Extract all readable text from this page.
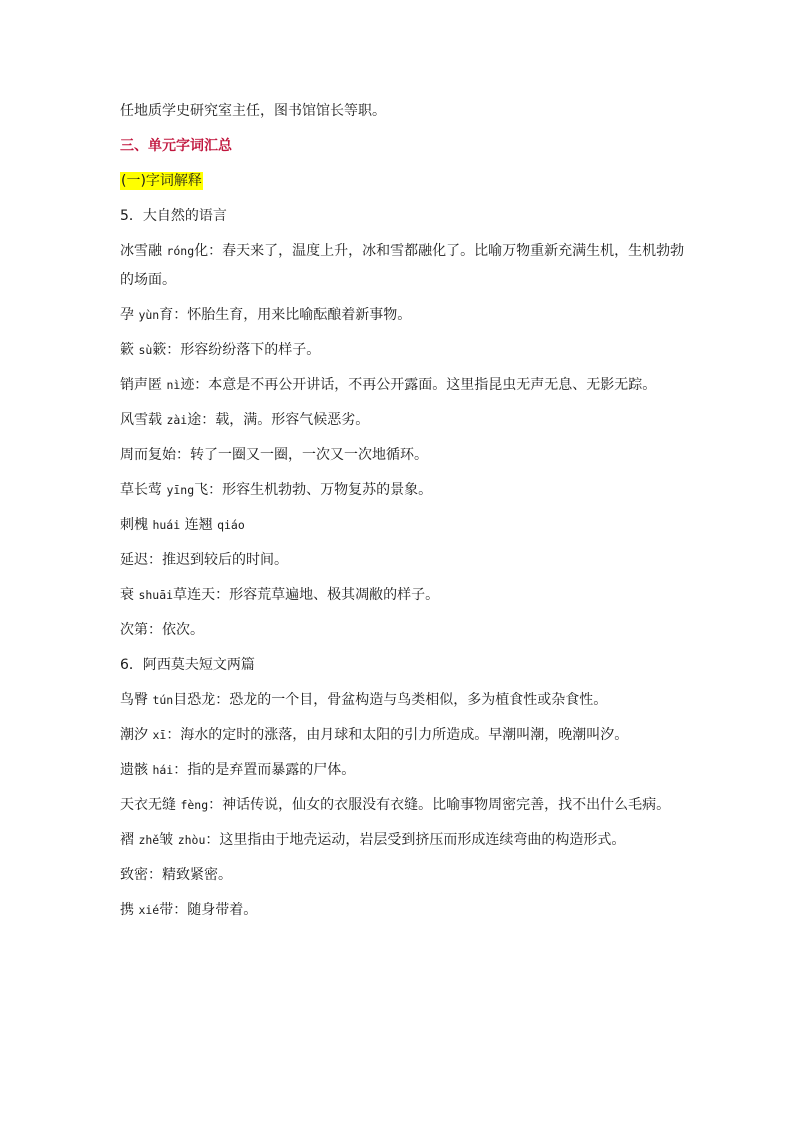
任地质学史研究室主任，图书馆馆长等职。
三、单元字词汇总
(一)字词解释
5．大自然的语言
冰雪融 róng化：春天来了，温度上升，冰和雪都融化了。比喻万物重新充满生机，生机勃勃的场面。
孕 yùn育：怀胎生育，用来比喻酝酿着新事物。
簌 sù簌：形容纷纷落下的样子。
销声匿 nì迹：本意是不再公开讲话，不再公开露面。这里指昆虫无声无息、无影无踪。
风雪载 zài途：载，满。形容气候恶劣。
周而复始：转了一圈又一圈，一次又一次地循环。
草长莺 yīng飞：形容生机勃勃、万物复苏的景象。
刺槐 huái 连翘 qiáo
延迟：推迟到较后的时间。
衰 shuāi草连天：形容荒草遍地、极其凋敝的样子。
次第：依次。
6．阿西莫夫短文两篇
鸟臀 tún目恐龙：恐龙的一个目，骨盆构造与鸟类相似，多为植食性或杂食性。
潮汐 xī：海水的定时的涨落，由月球和太阳的引力所造成。早潮叫潮，晚潮叫汐。
遗骸 hái：指的是弃置而暴露的尸体。
天衣无缝 fèng：神话传说，仙女的衣服没有衣缝。比喻事物周密完善，找不出什么毛病。
褶 zhě皱 zhòu：这里指由于地壳运动，岩层受到挤压而形成连续弯曲的构造形式。
致密：精致紧密。
携 xié带：随身带着。
